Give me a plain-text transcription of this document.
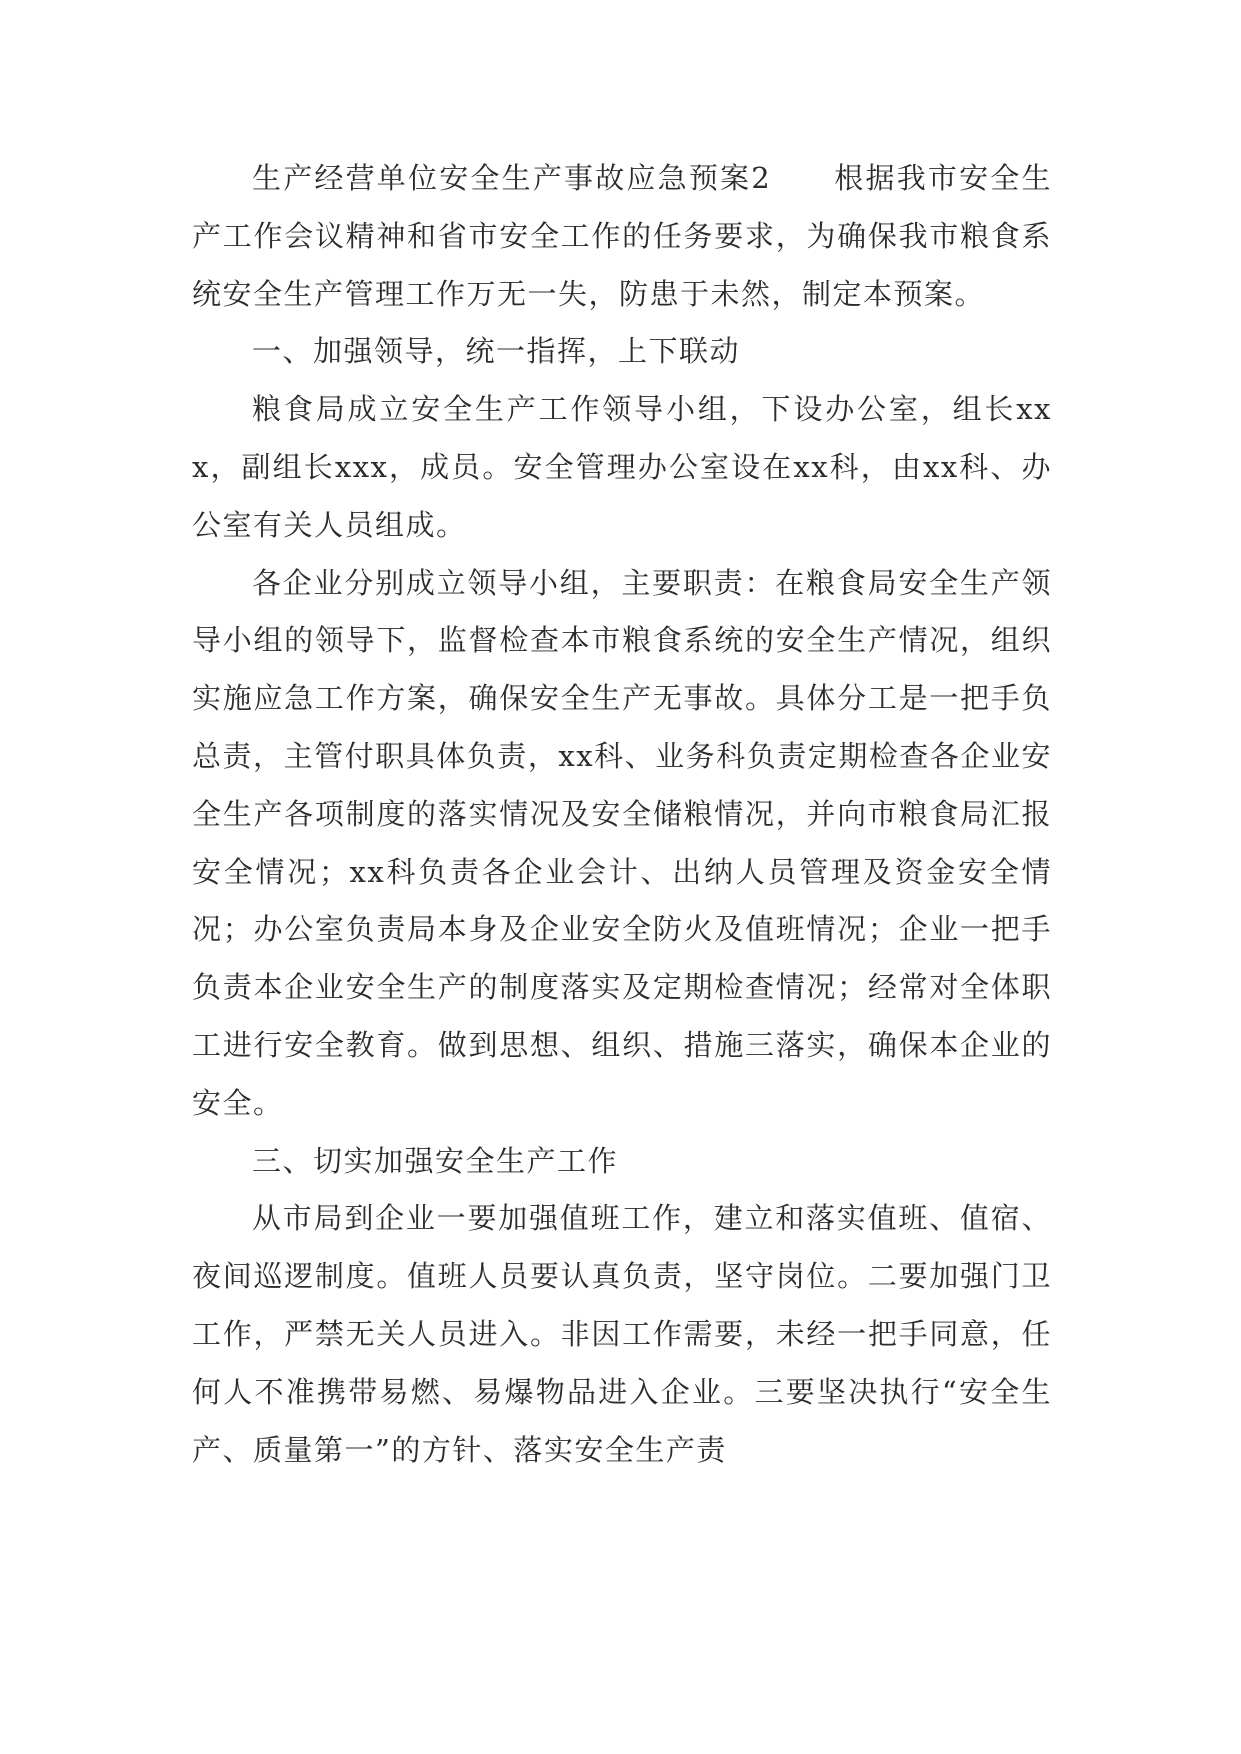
生产经营单位安全生产事故应急预案2　　根据我市安全生产工作会议精神和省市安全工作的任务要求，为确保我市粮食系统安全生产管理工作万无一失，防患于未然，制定本预案。

一、加强领导，统一指挥，上下联动

粮食局成立安全生产工作领导小组，下设办公室，组长xxx，副组长xxx，成员。安全管理办公室设在xx科，由xx科、办公室有关人员组成。

各企业分别成立领导小组，主要职责：在粮食局安全生产领导小组的领导下，监督检查本市粮食系统的安全生产情况，组织实施应急工作方案，确保安全生产无事故。具体分工是一把手负总责，主管付职具体负责，xx科、业务科负责定期检查各企业安全生产各项制度的落实情况及安全储粮情况，并向市粮食局汇报安全情况；xx科负责各企业会计、出纳人员管理及资金安全情况；办公室负责局本身及企业安全防火及值班情况；企业一把手负责本企业安全生产的制度落实及定期检查情况；经常对全体职工进行安全教育。做到思想、组织、措施三落实，确保本企业的安全。

三、切实加强安全生产工作

从市局到企业一要加强值班工作，建立和落实值班、值宿、夜间巡逻制度。值班人员要认真负责，坚守岗位。二要加强门卫工作，严禁无关人员进入。非因工作需要，未经一把手同意，任何人不准携带易燃、易爆物品进入企业。三要坚决执行“安全生产、质量第一”的方针、落实安全生产责
